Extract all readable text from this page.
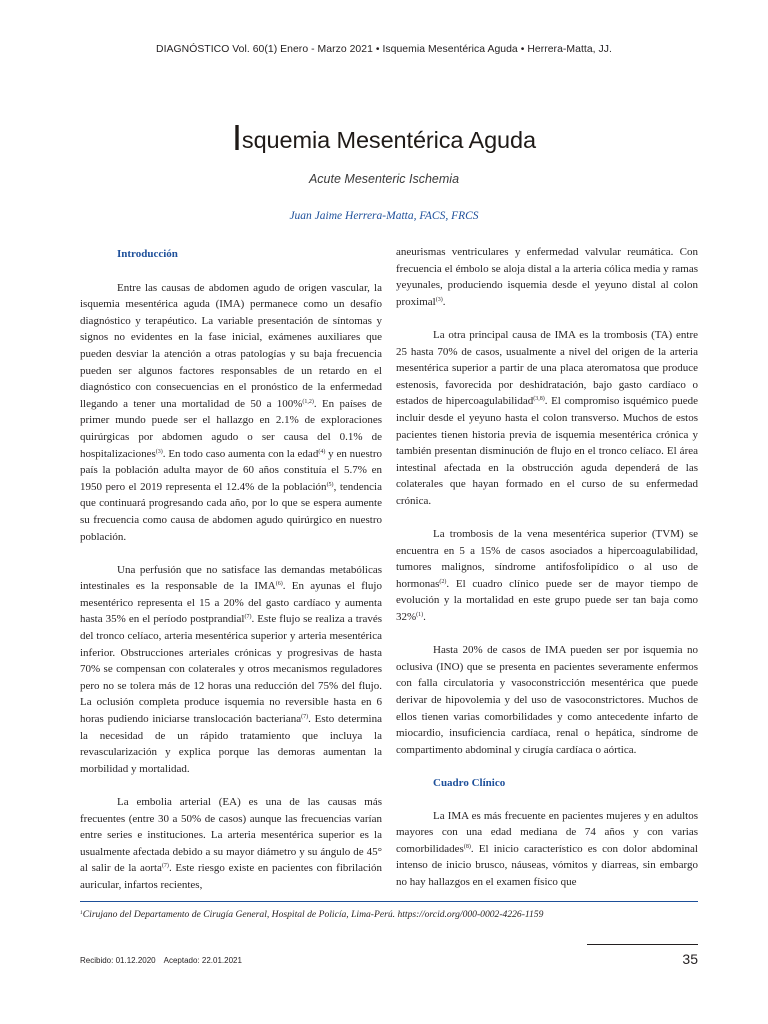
DIAGNÓSTICO Vol. 60(1) Enero - Marzo 2021 • Isquemia Mesentérica Aguda • Herrera-Matta, JJ.
Isquemia Mesentérica Aguda
Acute Mesenteric Ischemia
Juan Jaime Herrera-Matta, FACS, FRCS
Introducción

Entre las causas de abdomen agudo de origen vascular, la isquemia mesentérica aguda (IMA) permanece como un desafío diagnóstico y terapéutico. La variable presentación de síntomas y signos no evidentes en la fase inicial, exámenes auxiliares que pueden desviar la atención a otras patologías y su baja frecuencia pueden ser algunos factores responsables de un retardo en el diagnóstico con consecuencias en el pronóstico de la enfermedad llegando a tener una mortalidad de 50 a 100%$^{(1,2)}$. En países de primer mundo puede ser el hallazgo en 2.1% de exploraciones quirúrgicas por abdomen agudo o ser causa del 0.1% de hospitalizaciones$^{(3)}$. En todo caso aumenta con la edad$^{(4)}$ y en nuestro país la población adulta mayor de 60 años constituía el 5.7% en 1950 pero el 2019 representa el 12.4% de la población$^{(5)}$, tendencia que continuará progresando cada año, por lo que se espera aumente su frecuencia como causa de abdomen agudo quirúrgico en nuestro población.

Una perfusión que no satisface las demandas metabólicas intestinales es la responsable de la IMA$^{(6)}$. En ayunas el flujo mesentérico representa el 15 a 20% del gasto cardíaco y aumenta hasta 35% en el período postprandial$^{(7)}$. Este flujo se realiza a través del tronco celíaco, arteria mesentérica superior y arteria mesentérica inferior. Obstrucciones arteriales crónicas y progresivas de hasta 70% se compensan con colaterales y otros mecanismos reguladores pero no se tolera más de 12 horas una reducción del 75% del flujo. La oclusión completa produce isquemia no reversible hasta en 6 horas pudiendo iniciarse translocación bacteriana$^{(7)}$. Esto determina la necesidad de un rápido tratamiento que incluya la revascularización y explica porque las demoras aumentan la morbilidad y mortalidad.

La embolia arterial (EA) es una de las causas más frecuentes (entre 30 a 50% de casos) aunque las frecuencias varían entre series e instituciones. La arteria mesentérica superior es la usualmente afectada debido a su mayor diámetro y su ángulo de 45° al salir de la aorta$^{(7)}$. Este riesgo existe en pacientes con fibrilación auricular, infartos recientes,

aneurismas ventriculares y enfermedad valvular reumática. Con frecuencia el émbolo se aloja distal a la arteria cólica media y ramas yeyunales, produciendo isquemia desde el yeyuno distal al colon proximal$^{(3)}$.

La otra principal causa de IMA es la trombosis (TA) entre 25 hasta 70% de casos, usualmente a nivel del origen de la arteria mesentérica superior a partir de una placa ateromatosa que produce estenosis, favorecida por deshidratación, bajo gasto cardíaco o estados de hipercoagulabilidad$^{(3,8)}$. El compromiso isquémico puede incluir desde el yeyuno hasta el colon transverso. Muchos de estos pacientes tienen historia previa de isquemia mesentérica crónica y también presentan disminución de flujo en el tronco celíaco. El área intestinal afectada en la obstrucción aguda dependerá de las colaterales que hayan formado en el curso de su enfermedad crónica.

La trombosis de la vena mesentérica superior (TVM) se encuentra en 5 a 15% de casos asociados a hipercoagulabilidad, tumores malignos, síndrome antifosfolipídico o al uso de hormonas$^{(2)}$. El cuadro clínico puede ser de mayor tiempo de evolución y la mortalidad en este grupo puede ser tan baja como 32%$^{(1)}$.

Hasta 20% de casos de IMA pueden ser por isquemia no oclusiva (INO) que se presenta en pacientes severamente enfermos con falla circulatoria y vasoconstricción mesentérica que puede derivar de hipovolemia y del uso de vasoconstrictores. Muchos de ellos tienen varias comorbilidades y como antecedente infarto de miocardio, insuficiencia cardíaca, renal o hepática, síndrome de compartimento abdominal y cirugía cardíaca o aórtica.

Cuadro Clínico

La IMA es más frecuente en pacientes mujeres y en adultos mayores con una edad mediana de 74 años y con varias comorbilidades$^{(8)}$. El inicio característico es con dolor abdominal intenso de inicio brusco, náuseas, vómitos y diarreas, sin embargo no hay hallazgos en el examen físico que

$^1$Cirujano del Departamento de Cirugía General, Hospital de Policía, Lima-Perú. https://orcid.org/000-0002-4226-1159
Recibido: 01.12.2020 Aceptado: 22.01.2021	35
